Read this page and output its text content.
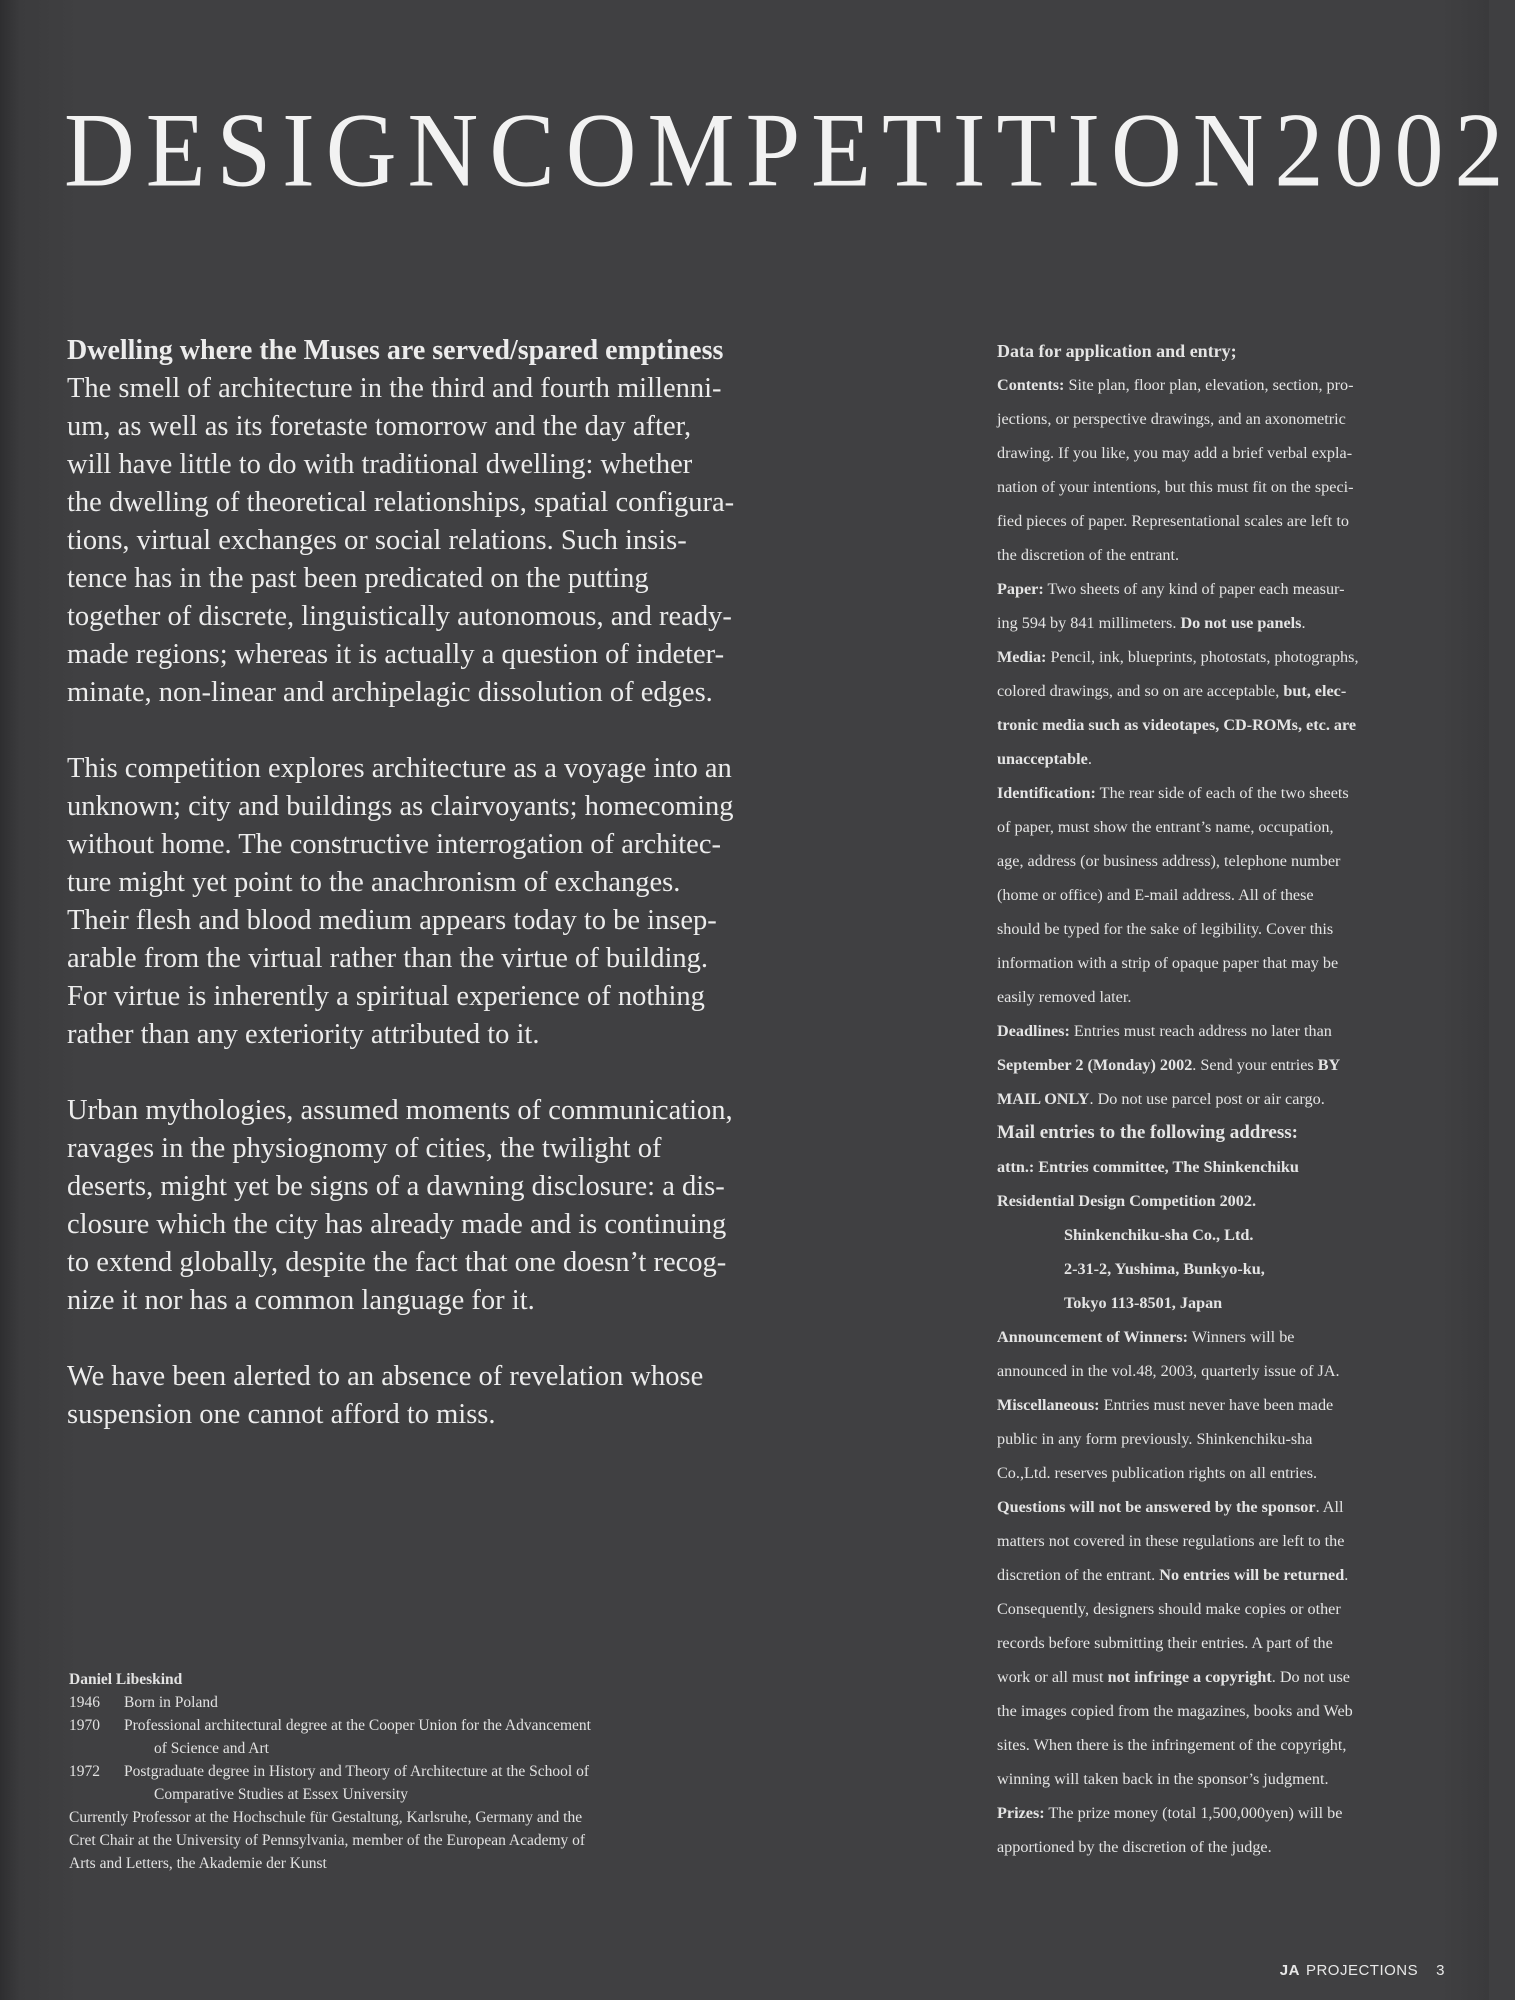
DESIGN COMPETITION 2002
Dwelling where the Muses are served/spared emptiness
The smell of architecture in the third and fourth millenni-
um, as well as its foretaste tomorrow and the day after,
will have little to do with traditional dwelling: whether
the dwelling of theoretical relationships, spatial configura-
tions, virtual exchanges or social relations. Such insis-
tence has in the past been predicated on the putting
together of discrete, linguistically autonomous, and ready-
made regions; whereas it is actually a question of indeter-
minate, non-linear and archipelagic dissolution of edges.
This competition explores architecture as a voyage into an
unknown; city and buildings as clairvoyants; homecoming
without home. The constructive interrogation of architec-
ture might yet point to the anachronism of exchanges.
Their flesh and blood medium appears today to be insep-
arable from the virtual rather than the virtue of building.
For virtue is inherently a spiritual experience of nothing
rather than any exteriority attributed to it.
Urban mythologies, assumed moments of communication,
ravages in the physiognomy of cities, the twilight of
deserts, might yet be signs of a dawning disclosure: a dis-
closure which the city has already made and is continuing
to extend globally, despite the fact that one doesn’t recog-
nize it nor has a common language for it.
We have been alerted to an absence of revelation whose
suspension one cannot afford to miss.
Daniel Libeskind
1946	Born in Poland
1970	Professional architectural degree at the Cooper Union for the Advancement
of Science and Art
1972	Postgraduate degree in History and Theory of Architecture at the School of
Comparative Studies at Essex University
Currently Professor at the Hochschule für Gestaltung, Karlsruhe, Germany and the
Cret Chair at the University of Pennsylvania, member of the European Academy of
Arts and Letters, the Akademie der Kunst
Data for application and entry;
Contents: Site plan, floor plan, elevation, section, pro-
jections, or perspective drawings, and an axonometric
drawing. If you like, you may add a brief verbal expla-
nation of your intentions, but this must fit on the speci-
fied pieces of paper. Representational scales are left to
the discretion of the entrant.
Paper: Two sheets of any kind of paper each measur-
ing 594 by 841 millimeters. Do not use panels.
Media: Pencil, ink, blueprints, photostats, photographs,
colored drawings, and so on are acceptable, but, elec-
tronic media such as videotapes, CD-ROMs, etc. are
unacceptable.
Identification: The rear side of each of the two sheets
of paper, must show the entrant’s name, occupation,
age, address (or business address), telephone number
(home or office) and E-mail address. All of these
should be typed for the sake of legibility. Cover this
information with a strip of opaque paper that may be
easily removed later.
Deadlines: Entries must reach address no later than
September 2 (Monday) 2002. Send your entries BY
MAIL ONLY. Do not use parcel post or air cargo.
Mail entries to the following address:
attn.: Entries committee, The Shinkenchiku
Residential Design Competition 2002.
Shinkenchiku-sha Co., Ltd.
2-31-2, Yushima, Bunkyo-ku,
Tokyo 113-8501, Japan
Announcement of Winners: Winners will be
announced in the vol.48, 2003, quarterly issue of JA.
Miscellaneous: Entries must never have been made
public in any form previously. Shinkenchiku-sha
Co.,Ltd. reserves publication rights on all entries.
Questions will not be answered by the sponsor. All
matters not covered in these regulations are left to the
discretion of the entrant. No entries will be returned.
Consequently, designers should make copies or other
records before submitting their entries. A part of the
work or all must not infringe a copyright. Do not use
the images copied from the magazines, books and Web
sites. When there is the infringement of the copyright,
winning will taken back in the sponsor’s judgment.
Prizes: The prize money (total 1,500,000yen) will be
apportioned by the discretion of the judge.
JA PROJECTIONS 3
